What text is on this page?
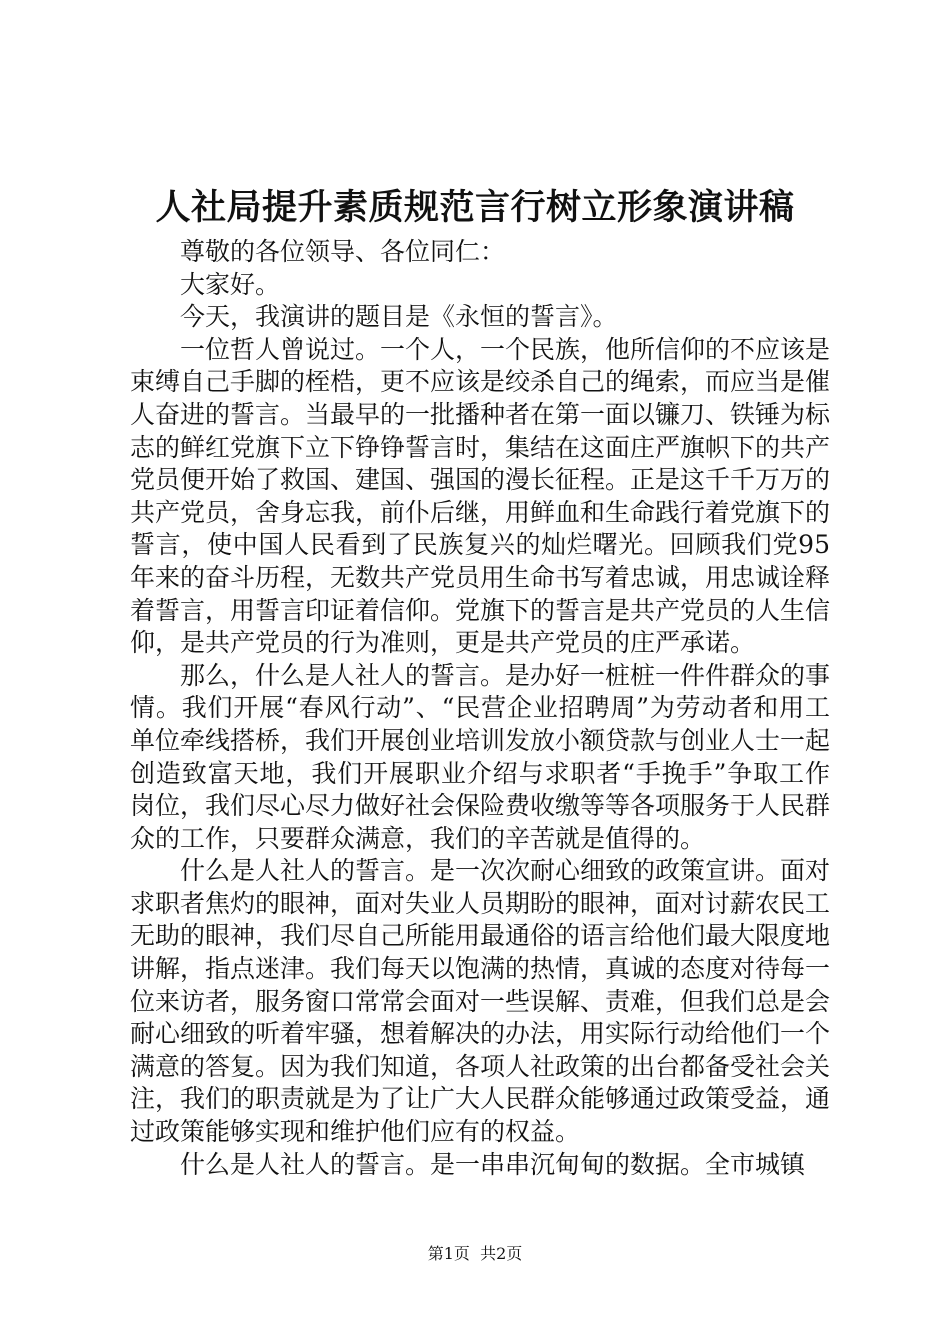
人社局提升素质规范言行树立形象演讲稿

尊敬的各位领导、各位同仁：

大家好。

今天，我演讲的题目是《永恒的誓言》。

一位哲人曾说过。一个人，一个民族，他所信仰的不应该是束缚自己手脚的桎梏，更不应该是绞杀自己的绳索，而应当是催人奋进的誓言。当最早的一批播种者在第一面以镰刀、铁锤为标志的鲜红党旗下立下铮铮誓言时，集结在这面庄严旗帜下的共产党员便开始了救国、建国、强国的漫长征程。正是这千千万万的共产党员，舍身忘我，前仆后继，用鲜血和生命践行着党旗下的誓言，使中国人民看到了民族复兴的灿烂曙光。回顾我们党95年来的奋斗历程，无数共产党员用生命书写着忠诚，用忠诚诠释着誓言，用誓言印证着信仰。党旗下的誓言是共产党员的人生信仰，是共产党员的行为准则，更是共产党员的庄严承诺。

那么，什么是人社人的誓言。是办好一桩桩一件件群众的事情。我们开展“春风行动”、“民营企业招聘周”为劳动者和用工单位牵线搭桥，我们开展创业培训发放小额贷款与创业人士一起创造致富天地，我们开展职业介绍与求职者“手挽手”争取工作岗位，我们尽心尽力做好社会保险费收缴等等各项服务于人民群众的工作，只要群众满意，我们的辛苦就是值得的。

什么是人社人的誓言。是一次次耐心细致的政策宣讲。面对求职者焦灼的眼神，面对失业人员期盼的眼神，面对讨薪农民工无助的眼神，我们尽自己所能用最通俗的语言给他们最大限度地讲解，指点迷津。我们每天以饱满的热情，真诚的态度对待每一位来访者，服务窗口常常会面对一些误解、责难，但我们总是会耐心细致的听着牢骚，想着解决的办法，用实际行动给他们一个满意的答复。因为我们知道，各项人社政策的出台都备受社会关注，我们的职责就是为了让广大人民群众能够通过政策受益，通过政策能够实现和维护他们应有的权益。

什么是人社人的誓言。是一串串沉甸甸的数据。全市城镇

第1页  共2页
